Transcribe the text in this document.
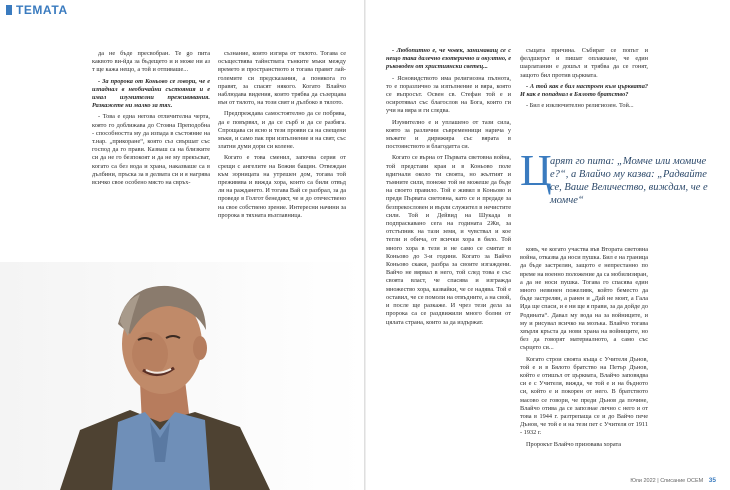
ТЕМАТА

да не бъде пресвобран. Те go пита каквото ви-йда за бъдещето и и може ни аз т ще кажа нещо, а той и отпиваше...

- За пророка от Коньово се говори, че е изпаднал в необичайни състояния и е имал изумителни преживявания. Разкажете ни малко за тях.

- Това е една негова отличителна черта, която го доближава до Стояна Преподобна - способността му да изпада в състояние на т.нар. „прикоране“, която съз свършат със господ да го прави. Казваш са на близките си да не го безпокоят и да не му прекъсват, когато са без вода и храна, наказваше са в дълбини, пръска за в делвата си и я нагрява всичко свое особено място на свръх-

съзнание, които изгира от тялото. Тогава се осъществява тайнствата тънките мъки между времето и пространството и тогава правят лай-големите си предсказания, а понякога го правят, за спасят някого. Когато Влайчо наблюдава видения, които трябва да съзерцава вън от тялото, на този свят и дълбоко в тялото.

Предпреждава самостоятелно да се побрява, да е повървял, и да се сърб и да се разбяга. Спрощава си ясно и тези прояви са на свещени мъки, и само пак при изпълнение и на свят, със златни думи дори си колене.

Когато е това сменил, започва серия от срещи с ангелите на Божия бащин. Отвеждан към зорницата на утрешен дом, тогава той преживява и вижда хора, които са били отвъд ли на раждането. И тогава Вай се разбрал, за да проведе в Голгот бенедикт, че и до отечествено на свое собствено зрение. Интересни начини за пророка в тяхната възглавница.

- Любопитно е, че човек, занимаващ се с нещо така далечно езотерично и окултно, е ръководен от християнски светец...

- Ясновидството има религиозна пълнота, то е поразлично за изпълнение и вяра, която се въпросът. Освен св. Стефан той е и осиротявал със благослов на Бога, които ги учи на вяра и ги следва.

Изумително е и уплашено от тази сила, която за различни съвременници нарича у мъжете и дирижира със вярата в постоянството и благодатта си.

Когато се върна от Първата световна война, той представи края и в Коньово поле вдигнали около ти своята, но жълтият и тъмните сили, понеже той не можеше да бъде на своето правило. Той е живял в Коньово и преди Първата световна, като се и предаде за безпрекословен и върли служител в нечистите сили. Той и Дейвид на Шукада в подпраскавано сега на годината 2Жв, за отстъпник на тази земя, и чувствал и кое тегли и обича, от всички хора в бяло. Той много хора в тези и не само се смятат в Коньово до 3-и години. Когато за Вайчо Коньово скаки, разбра за своите изгаждени. Вайчо не вярвал в него, той след това е със своята власт, че спасява и изгражда множество хора, казвайки, че се надява. Той е оставил, че се помоли на отвъдните, а на свой, и после ще разкаже. И чрез тези дела за пророка са се раздвижили много болни от цялата страна, които за да издържат.

същата причина. Събират се попът и фелдшерът и пишат оплакване, че един шарлатанин е дошъл и трябва да се гонят, защото бил против църквата.

- А той как е бил настроен към църквата? И как е попаднал в Бялото братство?

- Бил е изключително религиозен. Той...

Ц
арят го пита: „Момче или момиче е?“, а Влайчо му казва: „Радвайте се, Ваше Величество, виждам, че е момче“

ковъ, че когато участва във Втората световна война, отказва да носи пушка. Бил е на граница да бъде застрелян, защото е непрестанно по време на военно положение да са мобилизиран, а да не носи пушка. Тогава го спасява един много невинен пожеливк, който беместо да бъде застрелян, а ранен и „Дай не моят, а Гала Ида ще спаси, и е ни ще я прави, за да дойде до Родината“. Давал му вода на за войниците, и му и рисувал всичко на мозъка. Влайчо тогава хвърля кръста да нови храна на войниците, но без да говорят материалното, а само със сърцето си...

Когато строи своята къща с Учителя Дънов, той е и в Бялото братство на Петър Дънов, който е отишъл от църквата, Влайчо заповядва си е с Учителя, вижда, че той е и на бъдното си, който е и покорен от него. В братството масово се говори, че преди Дънов да почине, Влайчо отива да се запознае лично с него и от това в 1944 г. разтрепаща се и до Вайчо пече Дънов, че той е и на тези пет с Учителя от 1911 - 1932 г.

Пророкът Влайчо призовава хората

Юли 2022 | Списание ОСЕМ 35
